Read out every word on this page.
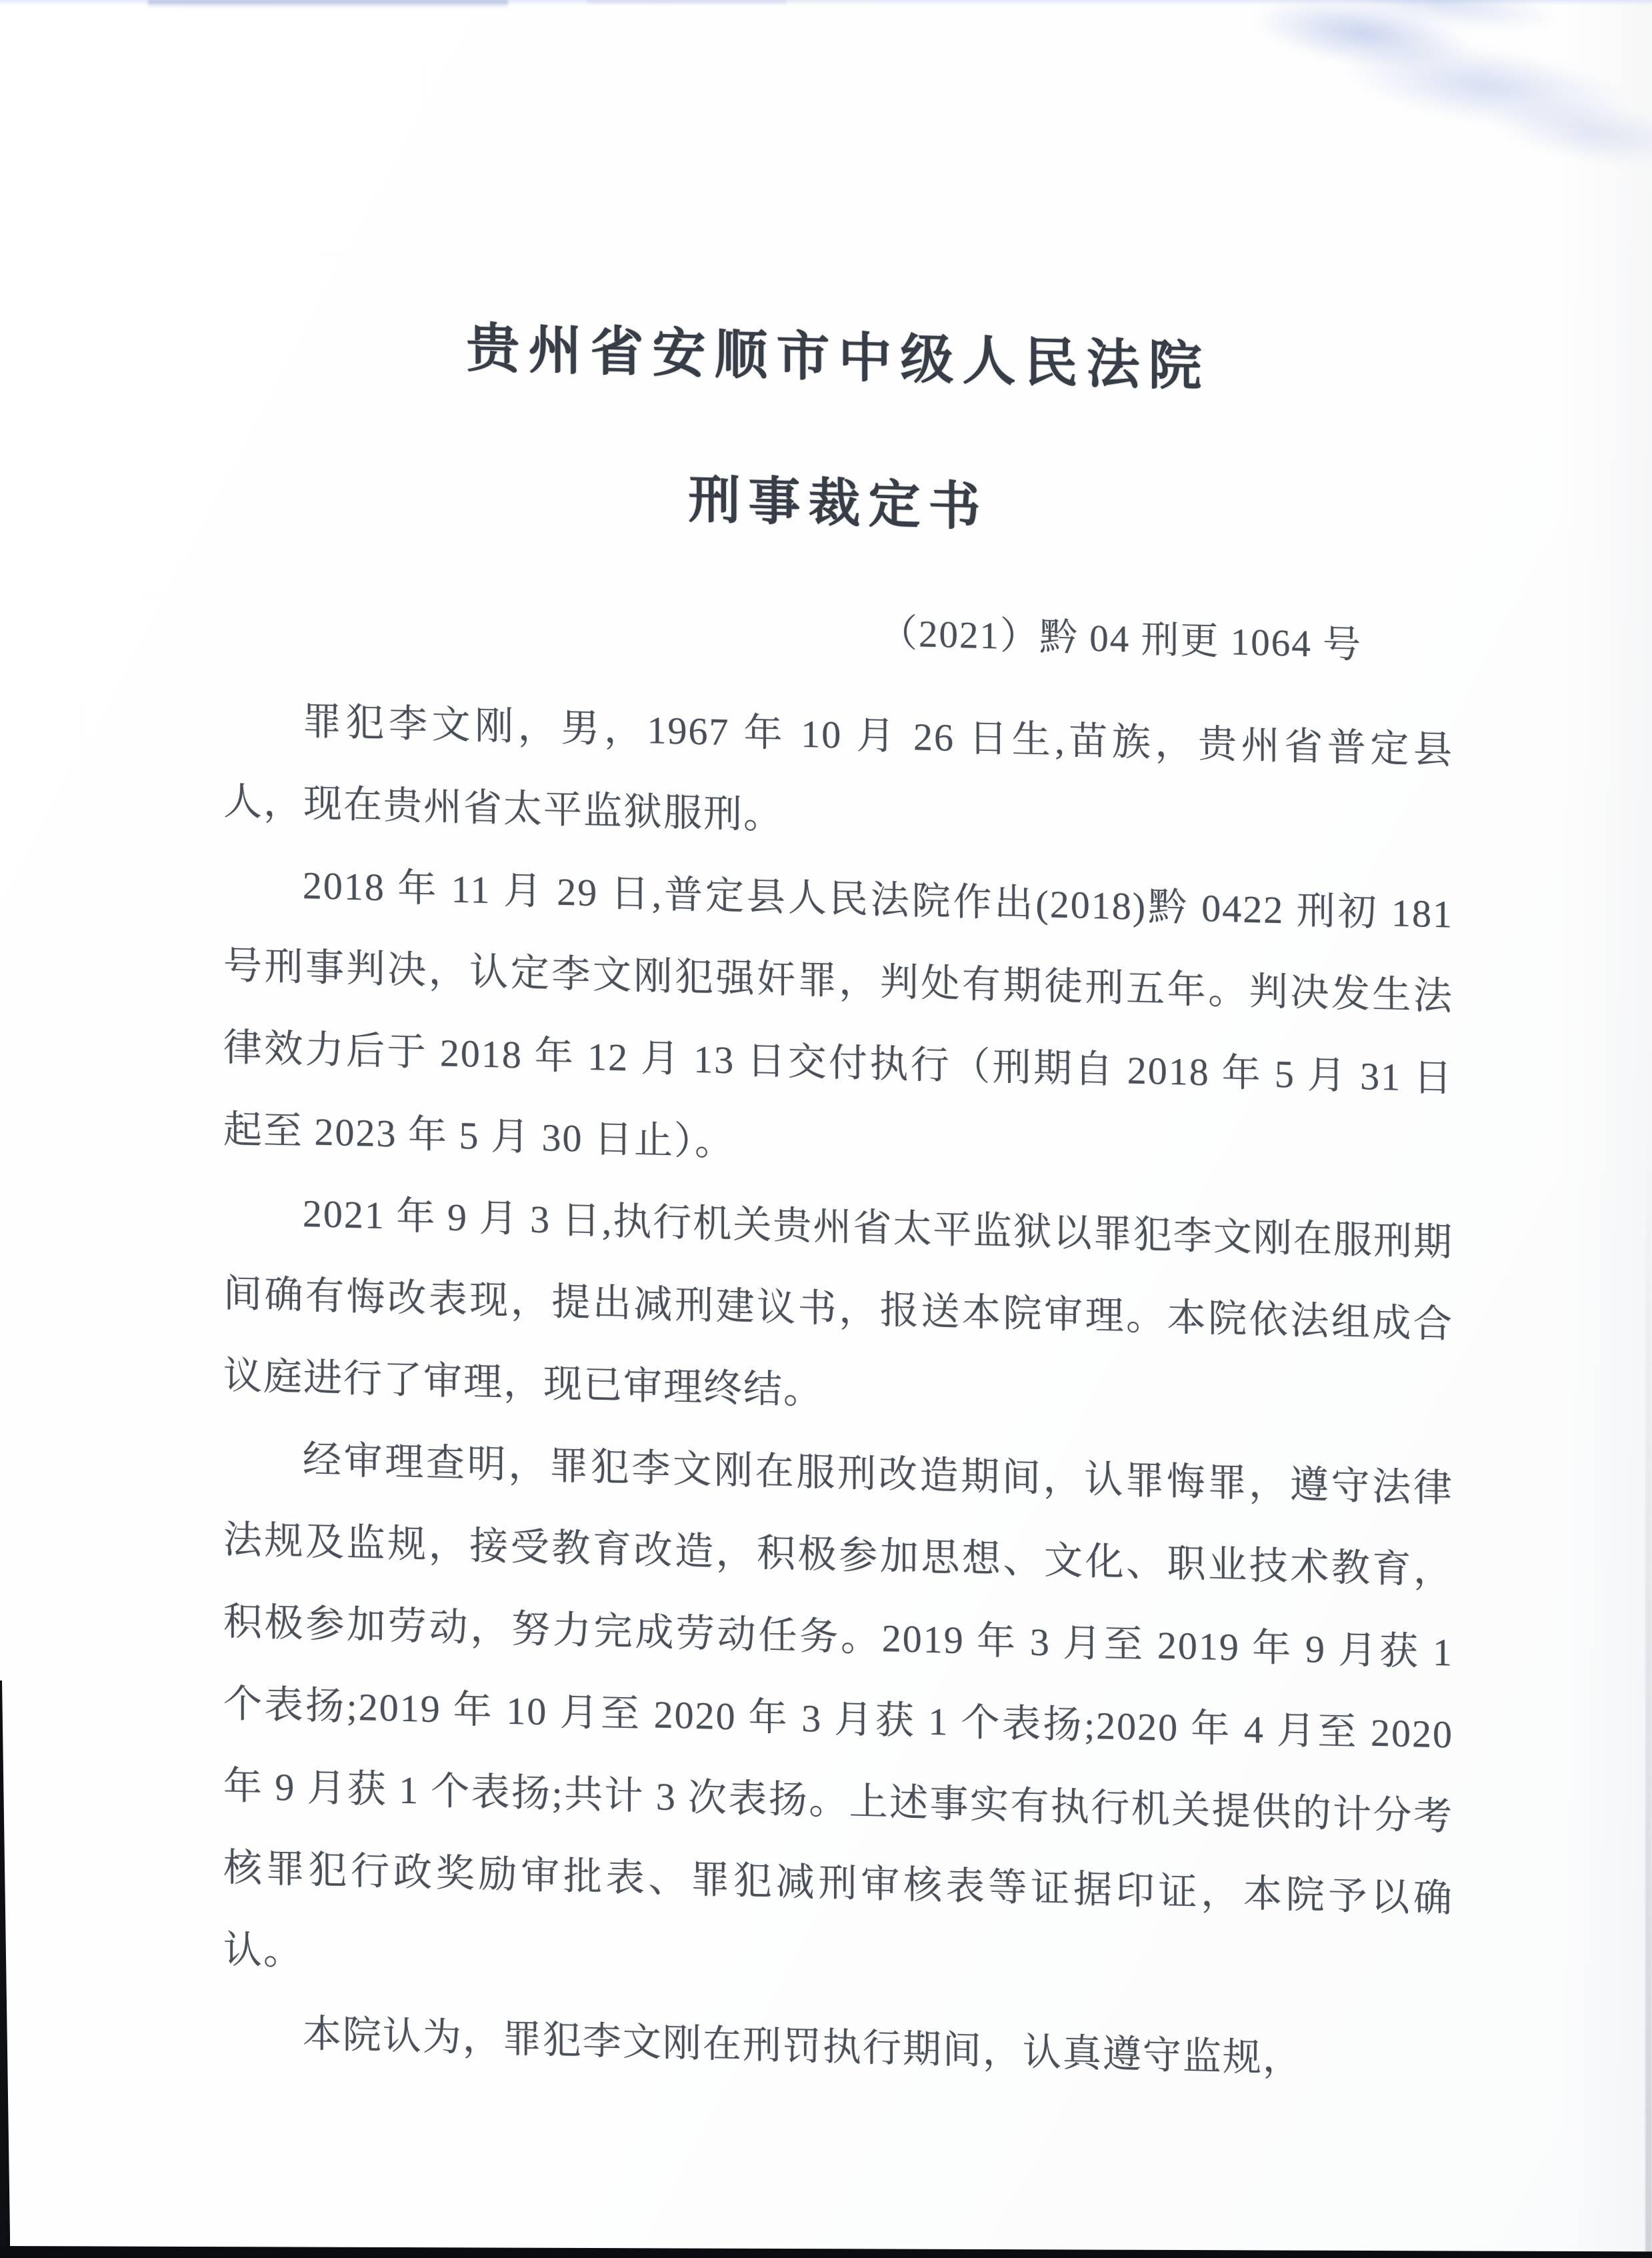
贵州省安顺市中级人民法院
刑事裁定书
（2021）黔 04 刑更 1064 号

罪犯李文刚，男，1967 年 10 月 26 日生,苗族，贵州省普定县人，现在贵州省太平监狱服刑。

2018 年 11 月 29 日,普定县人民法院作出(2018)黔 0422 刑初 181 号刑事判决，认定李文刚犯强奸罪，判处有期徒刑五年。判决发生法律效力后于 2018 年 12 月 13 日交付执行（刑期自 2018 年 5 月 31 日起至 2023 年 5 月 30 日止）。

2021 年 9 月 3 日,执行机关贵州省太平监狱以罪犯李文刚在服刑期间确有悔改表现，提出减刑建议书，报送本院审理。本院依法组成合议庭进行了审理，现已审理终结。

经审理查明，罪犯李文刚在服刑改造期间，认罪悔罪，遵守法律法规及监规，接受教育改造，积极参加思想、文化、职业技术教育，积极参加劳动，努力完成劳动任务。2019 年 3 月至 2019 年 9 月获 1 个表扬;2019 年 10 月至 2020 年 3 月获 1 个表扬;2020 年 4 月至 2020 年 9 月获 1 个表扬;共计 3 次表扬。上述事实有执行机关提供的计分考核罪犯行政奖励审批表、罪犯减刑审核表等证据印证，本院予以确认。

本院认为，罪犯李文刚在刑罚执行期间，认真遵守监规，
